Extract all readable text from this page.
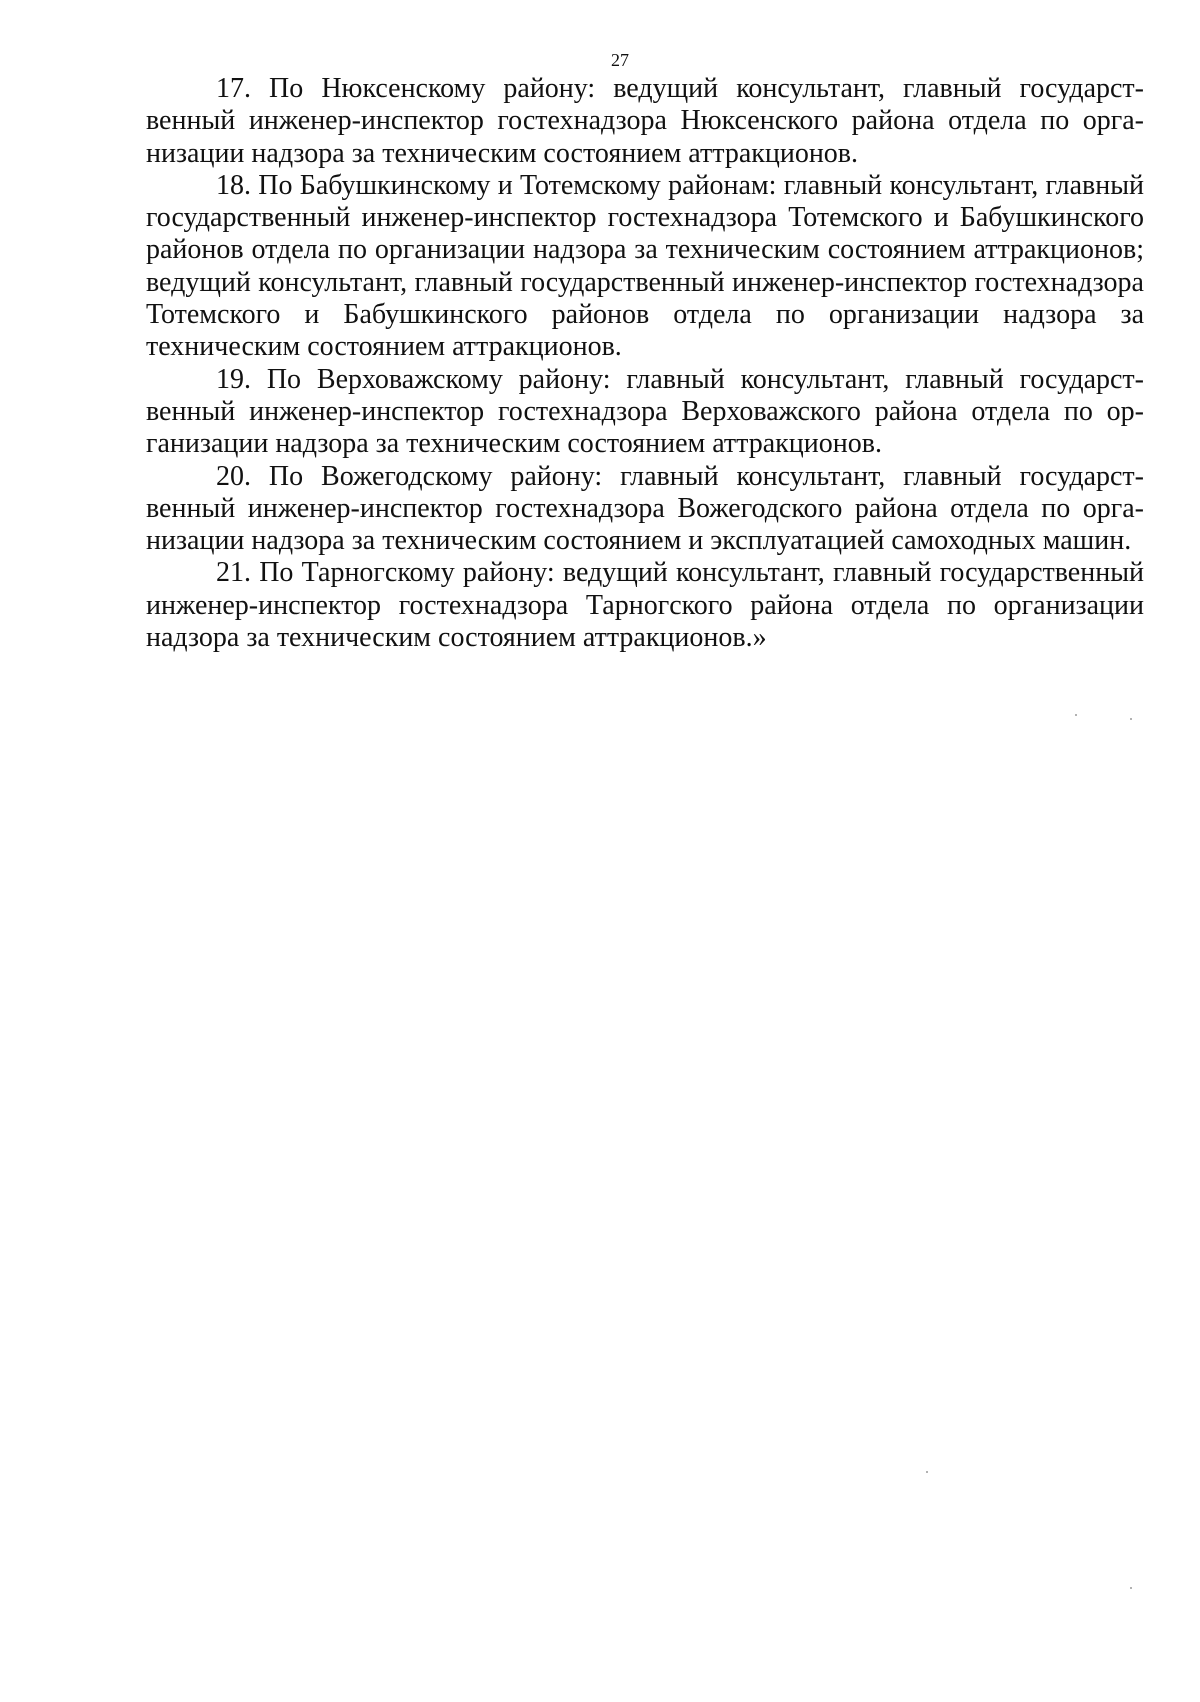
27

17. По Нюксенскому району: ведущий консультант, главный государственный инженер-инспектор гостехнадзора Нюксенского района отдела по организации надзора за техническим состоянием аттракционов.

18. По Бабушкинскому и Тотемскому районам: главный консультант, главный государственный инженер-инспектор гостехнадзора Тотемского и Бабушкинского районов отдела по организации надзора за техническим состоянием аттракционов; ведущий консультант, главный государственный инженер-инспектор гостехнадзора Тотемского и Бабушкинского районов отдела по организации надзора за техническим состоянием аттракционов.

19. По Верховажскому району: главный консультант, главный государственный инженер-инспектор гостехнадзора Верховажского района отдела по организации надзора за техническим состоянием аттракционов.

20. По Вожегодскому району: главный консультант, главный государственный инженер-инспектор гостехнадзора Вожегодского района отдела по организации надзора за техническим состоянием и эксплуатацией самоходных машин.

21. По Тарногскому району: ведущий консультант, главный государственный инженер-инспектор гостехнадзора Тарногского района отдела по организации надзора за техническим состоянием аттракционов.»
